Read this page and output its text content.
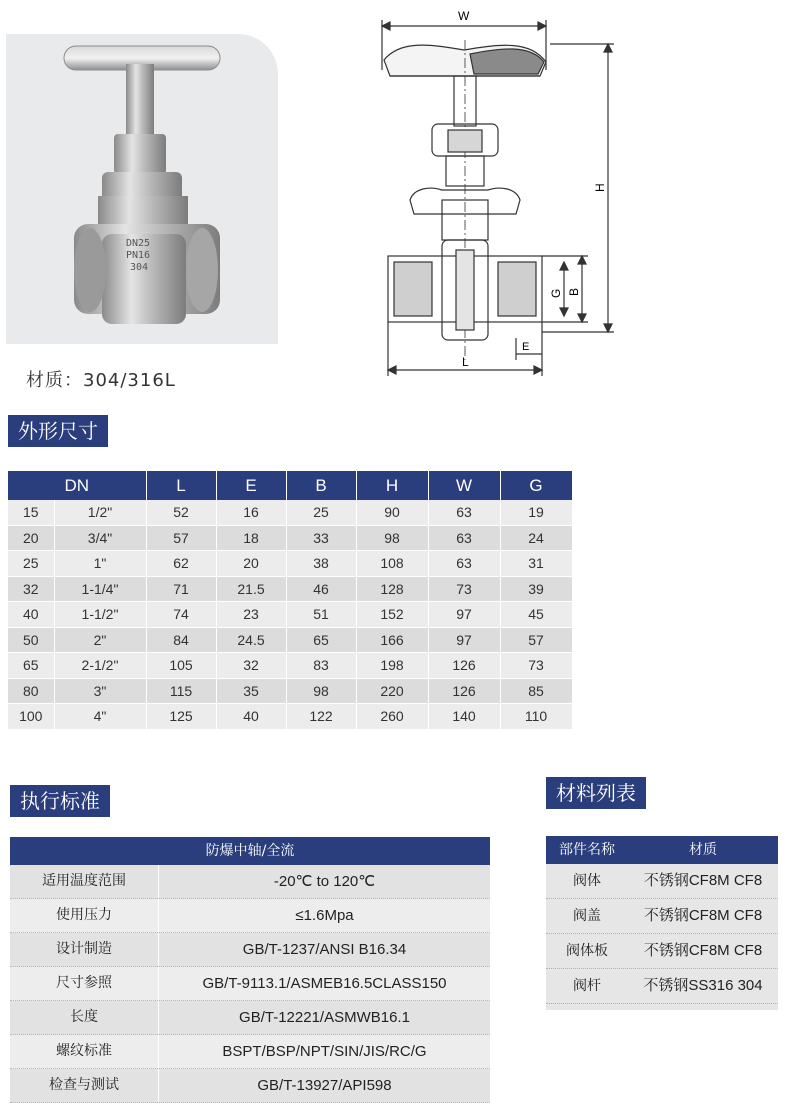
DN25
PN16
304
材质：304/316L
W
H
B
G
L
E
外形尺寸
DN		L	E	B	H	W	G
15	1/2"	52	16	25	90	63	19
20	3/4"	57	18	33	98	63	24
25	1"	62	20	38	108	63	31
32	1-1/4"	71	21.5	46	128	73	39
40	1-1/2"	74	23	51	152	97	45
50	2"	84	24.5	65	166	97	57
65	2-1/2"	105	32	83	198	126	73
80	3"	115	35	98	220	126	85
100	4"	125	40	122	260	140	110
执行标准
防爆中轴/全流
适用温度范围	-20℃ to 120℃
使用压力	≤1.6Mpa
设计制造	GB/T-1237/ANSI B16.34
尺寸参照	GB/T-9113.1/ASMEB16.5CLASS150
长度	GB/T-12221/ASMWB16.1
螺纹标准	BSPT/BSP/NPT/SIN/JIS/RC/G
检查与测试	GB/T-13927/API598
材料列表
部件名称	材质
阀体	不锈钢CF8M CF8
阀盖	不锈钢CF8M CF8
阀体板	不锈钢CF8M CF8
阀杆	不锈钢SS316 304
